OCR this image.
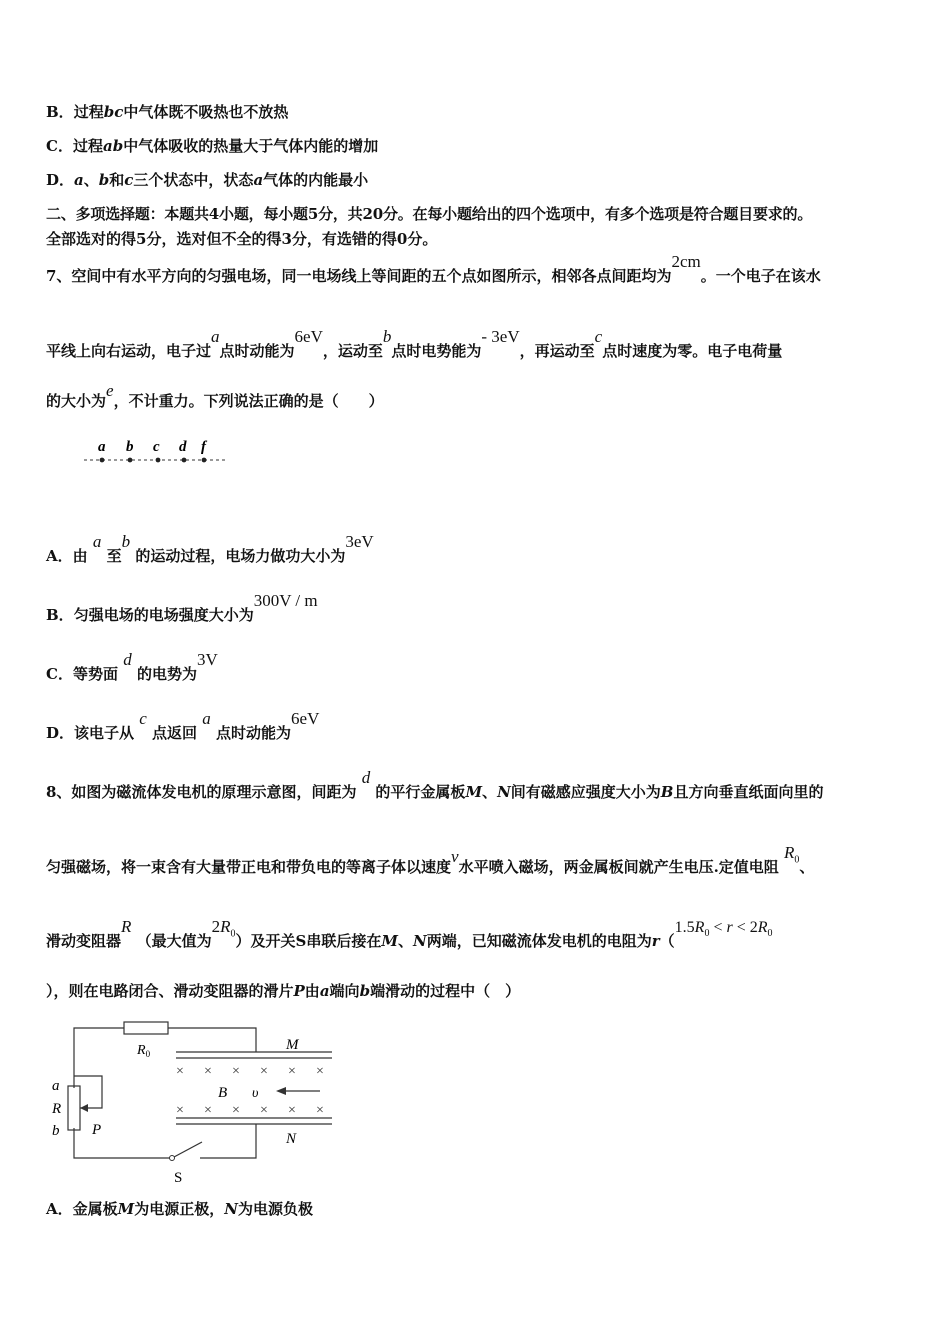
B．过程bc中气体既不吸热也不放热
C．过程ab中气体吸收的热量大于气体内能的增加
D．a、b和c三个状态中，状态a气体的内能最小
二、多项选择题：本题共4小题，每小题5分，共20分。在每小题给出的四个选项中，有多个选项是符合题目要求的。
全部选对的得5分，选对但不全的得3分，有选错的得0分。
7、空间中有水平方向的匀强电场，同一电场线上等间距的五个点如图所示，相邻各点间距均为2cm。一个电子在该水
平线上向右运动，电子过a点时动能为6eV，运动至b点时电势能为- 3eV，再运动至c点时速度为零。电子电荷量
的大小为e，不计重力。下列说法正确的是（　　）
a b c d f
A．由 a 至b 的运动过程，电场力做功大小为3eV
B．匀强电场的电场强度大小为300V / m
C．等势面 d 的电势为3V
D．该电子从 c 点返回 a 点时动能为6eV
8、如图为磁流体发电机的原理示意图，间距为 d 的平行金属板M、N间有磁感应强度大小为B且方向垂直纸面向里的
匀强磁场，将一束含有大量带正电和带负电的等离子体以速度v水平喷入磁场，两金属板间就产生电压.定值电阻 $R_0$、
滑动变阻器R （最大值为$2R_0$）及开关S串联后接在M、N两端，已知磁流体发电机的电阻为$r(1.5R_0 < r < 2R_0$
），则在电路闭合、滑动变阻器的滑片P由a端向b端滑动的过程中（　）
× × × × × ×
× × × × × ×
$R_0$
M
N
B υ
a
R
b P
S
A．金属板M为电源正极，N为电源负极
